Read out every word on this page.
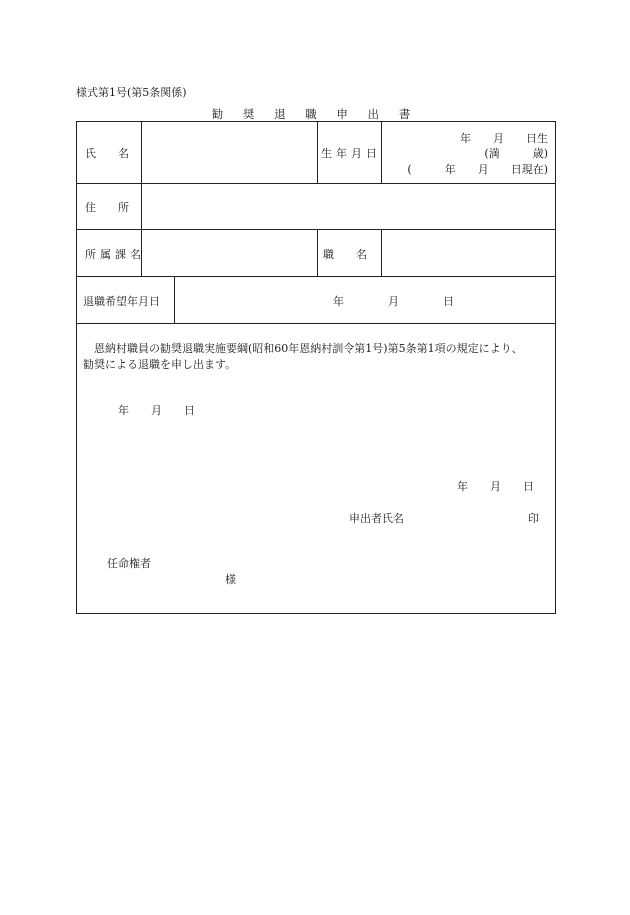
様式第1号(第5条関係)
勧 奨 退 職 申 出 書
氏　　名	生年月日
年　　月　　日生
(満　　　歳)
(　　　年　　月　　日現在)
住　　所
所属課名	職　　名
退職希望年月日	年　　　　月　　　　日
恩納村職員の勧奨退職実施要綱(昭和60年恩納村訓令第1号)第5条第1項の規定により、
勧奨による退職を申し出ます。
年　　月　　日
年　　月　　日
申出者氏名	印
任命権者
様
